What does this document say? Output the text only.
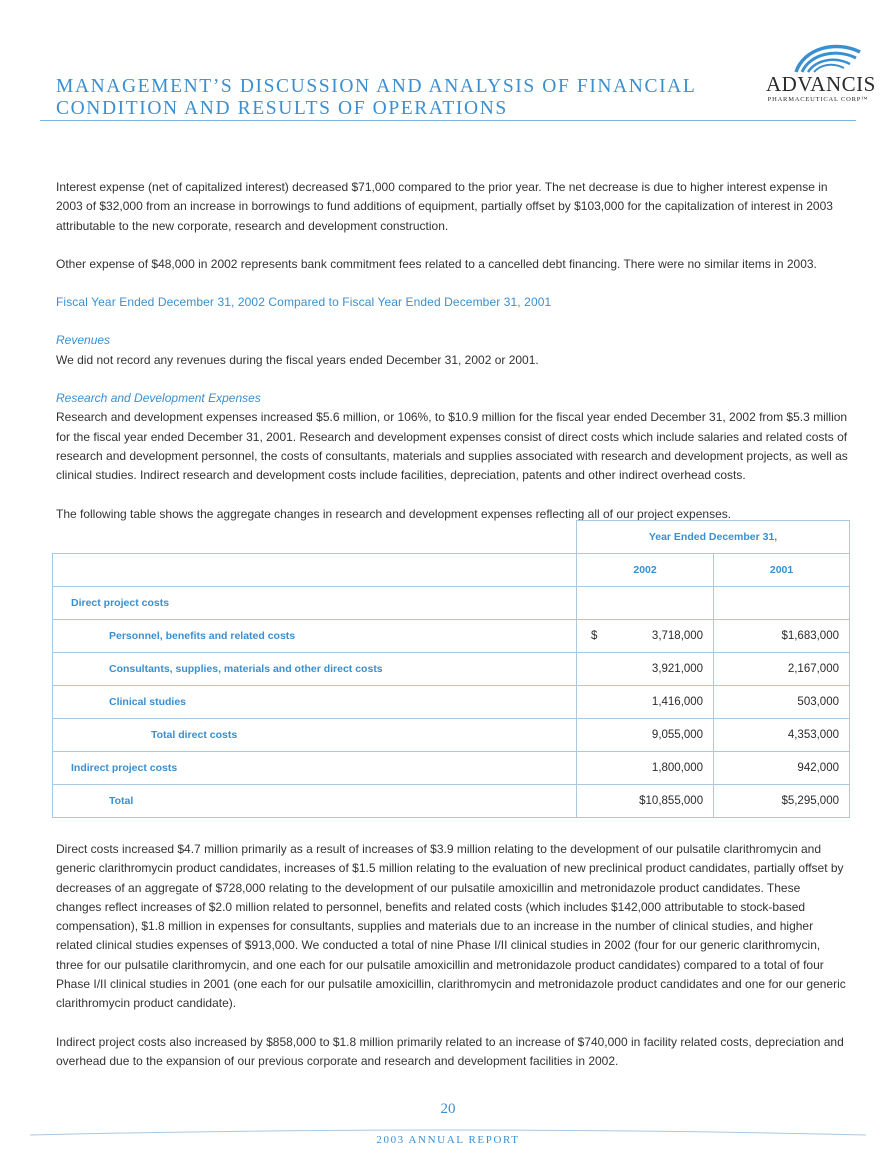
MANAGEMENT’S DISCUSSION AND ANALYSIS OF FINANCIAL
CONDITION AND RESULTS OF OPERATIONS
ADVANCIS
PHARMACEUTICAL CORP™

Interest expense (net of capitalized interest) decreased $71,000 compared to the prior year. The net decrease is due to higher interest expense in 2003 of $32,000 from an increase in borrowings to fund additions of equipment, partially offset by $103,000 for the capitalization of interest in 2003 attributable to the new corporate, research and development construction.

Other expense of $48,000 in 2002 represents bank commitment fees related to a cancelled debt financing. There were no similar items in 2003.

Fiscal Year Ended December 31, 2002 Compared to Fiscal Year Ended December 31, 2001

Revenues

We did not record any revenues during the fiscal years ended December 31, 2002 or 2001.

Research and Development Expenses

Research and development expenses increased $5.6 million, or 106%, to $10.9 million for the fiscal year ended December 31, 2002 from $5.3 million for the fiscal year ended December 31, 2001. Research and development expenses consist of direct costs which include salaries and related costs of research and development personnel, the costs of consultants, materials and supplies associated with research and development projects, as well as clinical studies. Indirect research and development costs include facilities, depreciation, patents and other indirect overhead costs.

The following table shows the aggregate changes in research and development expenses reflecting all of our project expenses.

	Year Ended December 31,	
	2002	2001
Direct project costs		
Personnel, benefits and related costs	$ 3,718,000	$1,683,000
Consultants, supplies, materials and other direct costs	3,921,000	2,167,000
Clinical studies	1,416,000	503,000
Total direct costs	9,055,000	4,353,000
Indirect project costs	1,800,000	942,000
Total	$10,855,000	$5,295,000

Direct costs increased $4.7 million primarily as a result of increases of $3.9 million relating to the development of our pulsatile clarithromycin and generic clarithromycin product candidates, increases of $1.5 million relating to the evaluation of new preclinical product candidates, partially offset by decreases of an aggregate of $728,000 relating to the development of our pulsatile amoxicillin and metronidazole product candidates. These changes reflect increases of $2.0 million related to personnel, benefits and related costs (which includes $142,000 attributable to stock-based compensation), $1.8 million in expenses for consultants, supplies and materials due to an increase in the number of clinical studies, and higher related clinical studies expenses of $913,000. We conducted a total of nine Phase I/II clinical studies in 2002 (four for our generic clarithromycin, three for our pulsatile clarithromycin, and one each for our pulsatile amoxicillin and metronidazole product candidates) compared to a total of four Phase I/II clinical studies in 2001 (one each for our pulsatile amoxicillin, clarithromycin and metronidazole product candidates and one for our generic clarithromycin product candidate).

Indirect project costs also increased by $858,000 to $1.8 million primarily related to an increase of $740,000 in facility related costs, depreciation and overhead due to the expansion of our previous corporate and research and development facilities in 2002.

20
2003 ANNUAL REPORT
